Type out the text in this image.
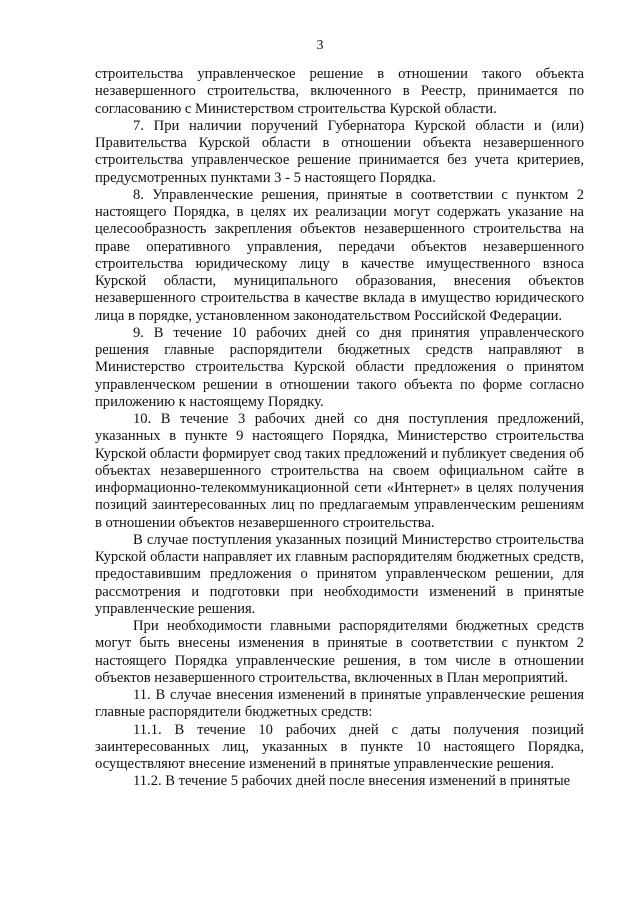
3

строительства управленческое решение в отношении такого объекта незавершенного строительства, включенного в Реестр, принимается по согласованию с Министерством строительства Курской области.

7. При наличии поручений Губернатора Курской области и (или) Правительства Курской области в отношении объекта незавершенного строительства управленческое решение принимается без учета критериев, предусмотренных пунктами 3 - 5 настоящего Порядка.

8. Управленческие решения, принятые в соответствии с пунктом 2 настоящего Порядка, в целях их реализации могут содержать указание на целесообразность закрепления объектов незавершенного строительства на праве оперативного управления, передачи объектов незавершенного строительства юридическому лицу в качестве имущественного взноса Курской области, муниципального образования, внесения объектов незавершенного строительства в качестве вклада в имущество юридического лица в порядке, установленном законодательством Российской Федерации.

9. В течение 10 рабочих дней со дня принятия управленческого решения главные распорядители бюджетных средств направляют в Министерство строительства Курской области предложения о принятом управленческом решении в отношении такого объекта по форме согласно приложению к настоящему Порядку.

10. В течение 3 рабочих дней со дня поступления предложений, указанных в пункте 9 настоящего Порядка, Министерство строительства Курской области формирует свод таких предложений и публикует сведения об объектах незавершенного строительства на своем официальном сайте в информационно-телекоммуникационной сети «Интернет» в целях получения позиций заинтересованных лиц по предлагаемым управленческим решениям в отношении объектов незавершенного строительства.

В случае поступления указанных позиций Министерство строительства Курской области направляет их главным распорядителям бюджетных средств, предоставившим предложения о принятом управленческом решении, для рассмотрения и подготовки при необходимости изменений в принятые управленческие решения.

При необходимости главными распорядителями бюджетных средств могут быть внесены изменения в принятые в соответствии с пунктом 2 настоящего Порядка управленческие решения, в том числе в отношении объектов незавершенного строительства, включенных в План мероприятий.

11. В случае внесения изменений в принятые управленческие решения главные распорядители бюджетных средств:

11.1. В течение 10 рабочих дней с даты получения позиций заинтересованных лиц, указанных в пункте 10 настоящего Порядка, осуществляют внесение изменений в принятые управленческие решения.

11.2. В течение 5 рабочих дней после внесения изменений в принятые
